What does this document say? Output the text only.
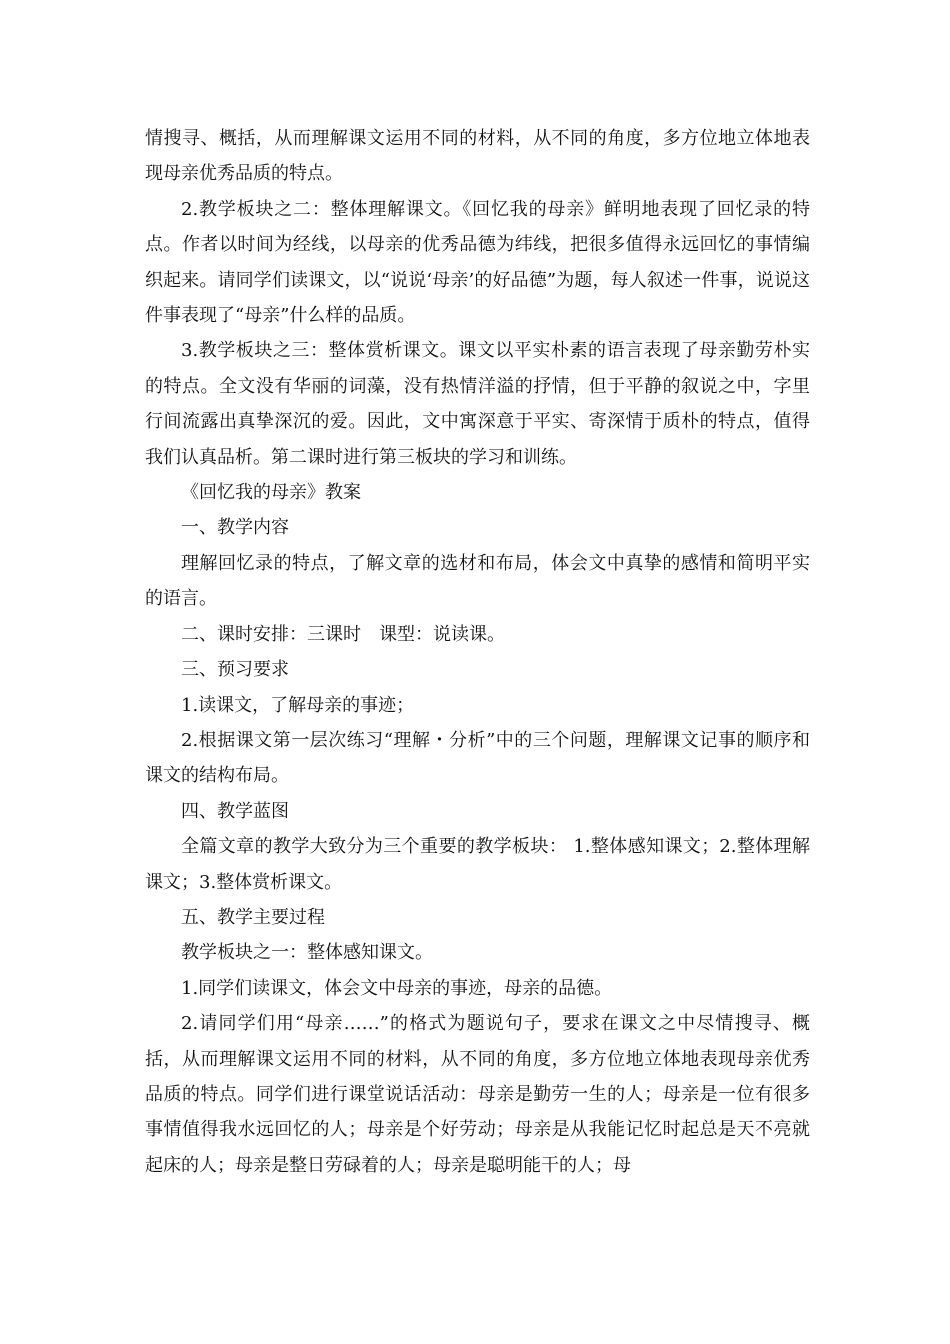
情搜寻、概括，从而理解课文运用不同的材料，从不同的角度，多方位地立体地表现母亲优秀品质的特点。

2.教学板块之二：整体理解课文。《回忆我的母亲》鲜明地表现了回忆录的特点。作者以时间为经线，以母亲的优秀品德为纬线，把很多值得永远回忆的事情编织起来。请同学们读课文，以“说说‘母亲’的好品德”为题，每人叙述一件事，说说这件事表现了“母亲”什么样的品质。

3.教学板块之三：整体赏析课文。课文以平实朴素的语言表现了母亲勤劳朴实的特点。全文没有华丽的词藻，没有热情洋溢的抒情，但于平静的叙说之中，字里行间流露出真挚深沉的爱。因此，文中寓深意于平实、寄深情于质朴的特点，值得我们认真品析。第二课时进行第三板块的学习和训练。

《回忆我的母亲》教案

一、教学内容

理解回忆录的特点，了解文章的选材和布局，体会文中真挚的感情和简明平实的语言。

二、课时安排：三课时　课型：说读课。

三、预习要求

1.读课文，了解母亲的事迹；

2.根据课文第一层次练习“理解・分析”中的三个问题，理解课文记事的顺序和课文的结构布局。

四、教学蓝图

全篇文章的教学大致分为三个重要的教学板块： 1.整体感知课文；2.整体理解课文；3.整体赏析课文。

五、教学主要过程

教学板块之一：整体感知课文。

1.同学们读课文，体会文中母亲的事迹，母亲的品德。

2.请同学们用“母亲……”的格式为题说句子，要求在课文之中尽情搜寻、概括，从而理解课文运用不同的材料，从不同的角度，多方位地立体地表现母亲优秀品质的特点。同学们进行课堂说话活动：母亲是勤劳一生的人；母亲是一位有很多事情值得我水远回忆的人；母亲是个好劳动；母亲是从我能记忆时起总是天不亮就起床的人；母亲是整日劳碌着的人；母亲是聪明能干的人；母
